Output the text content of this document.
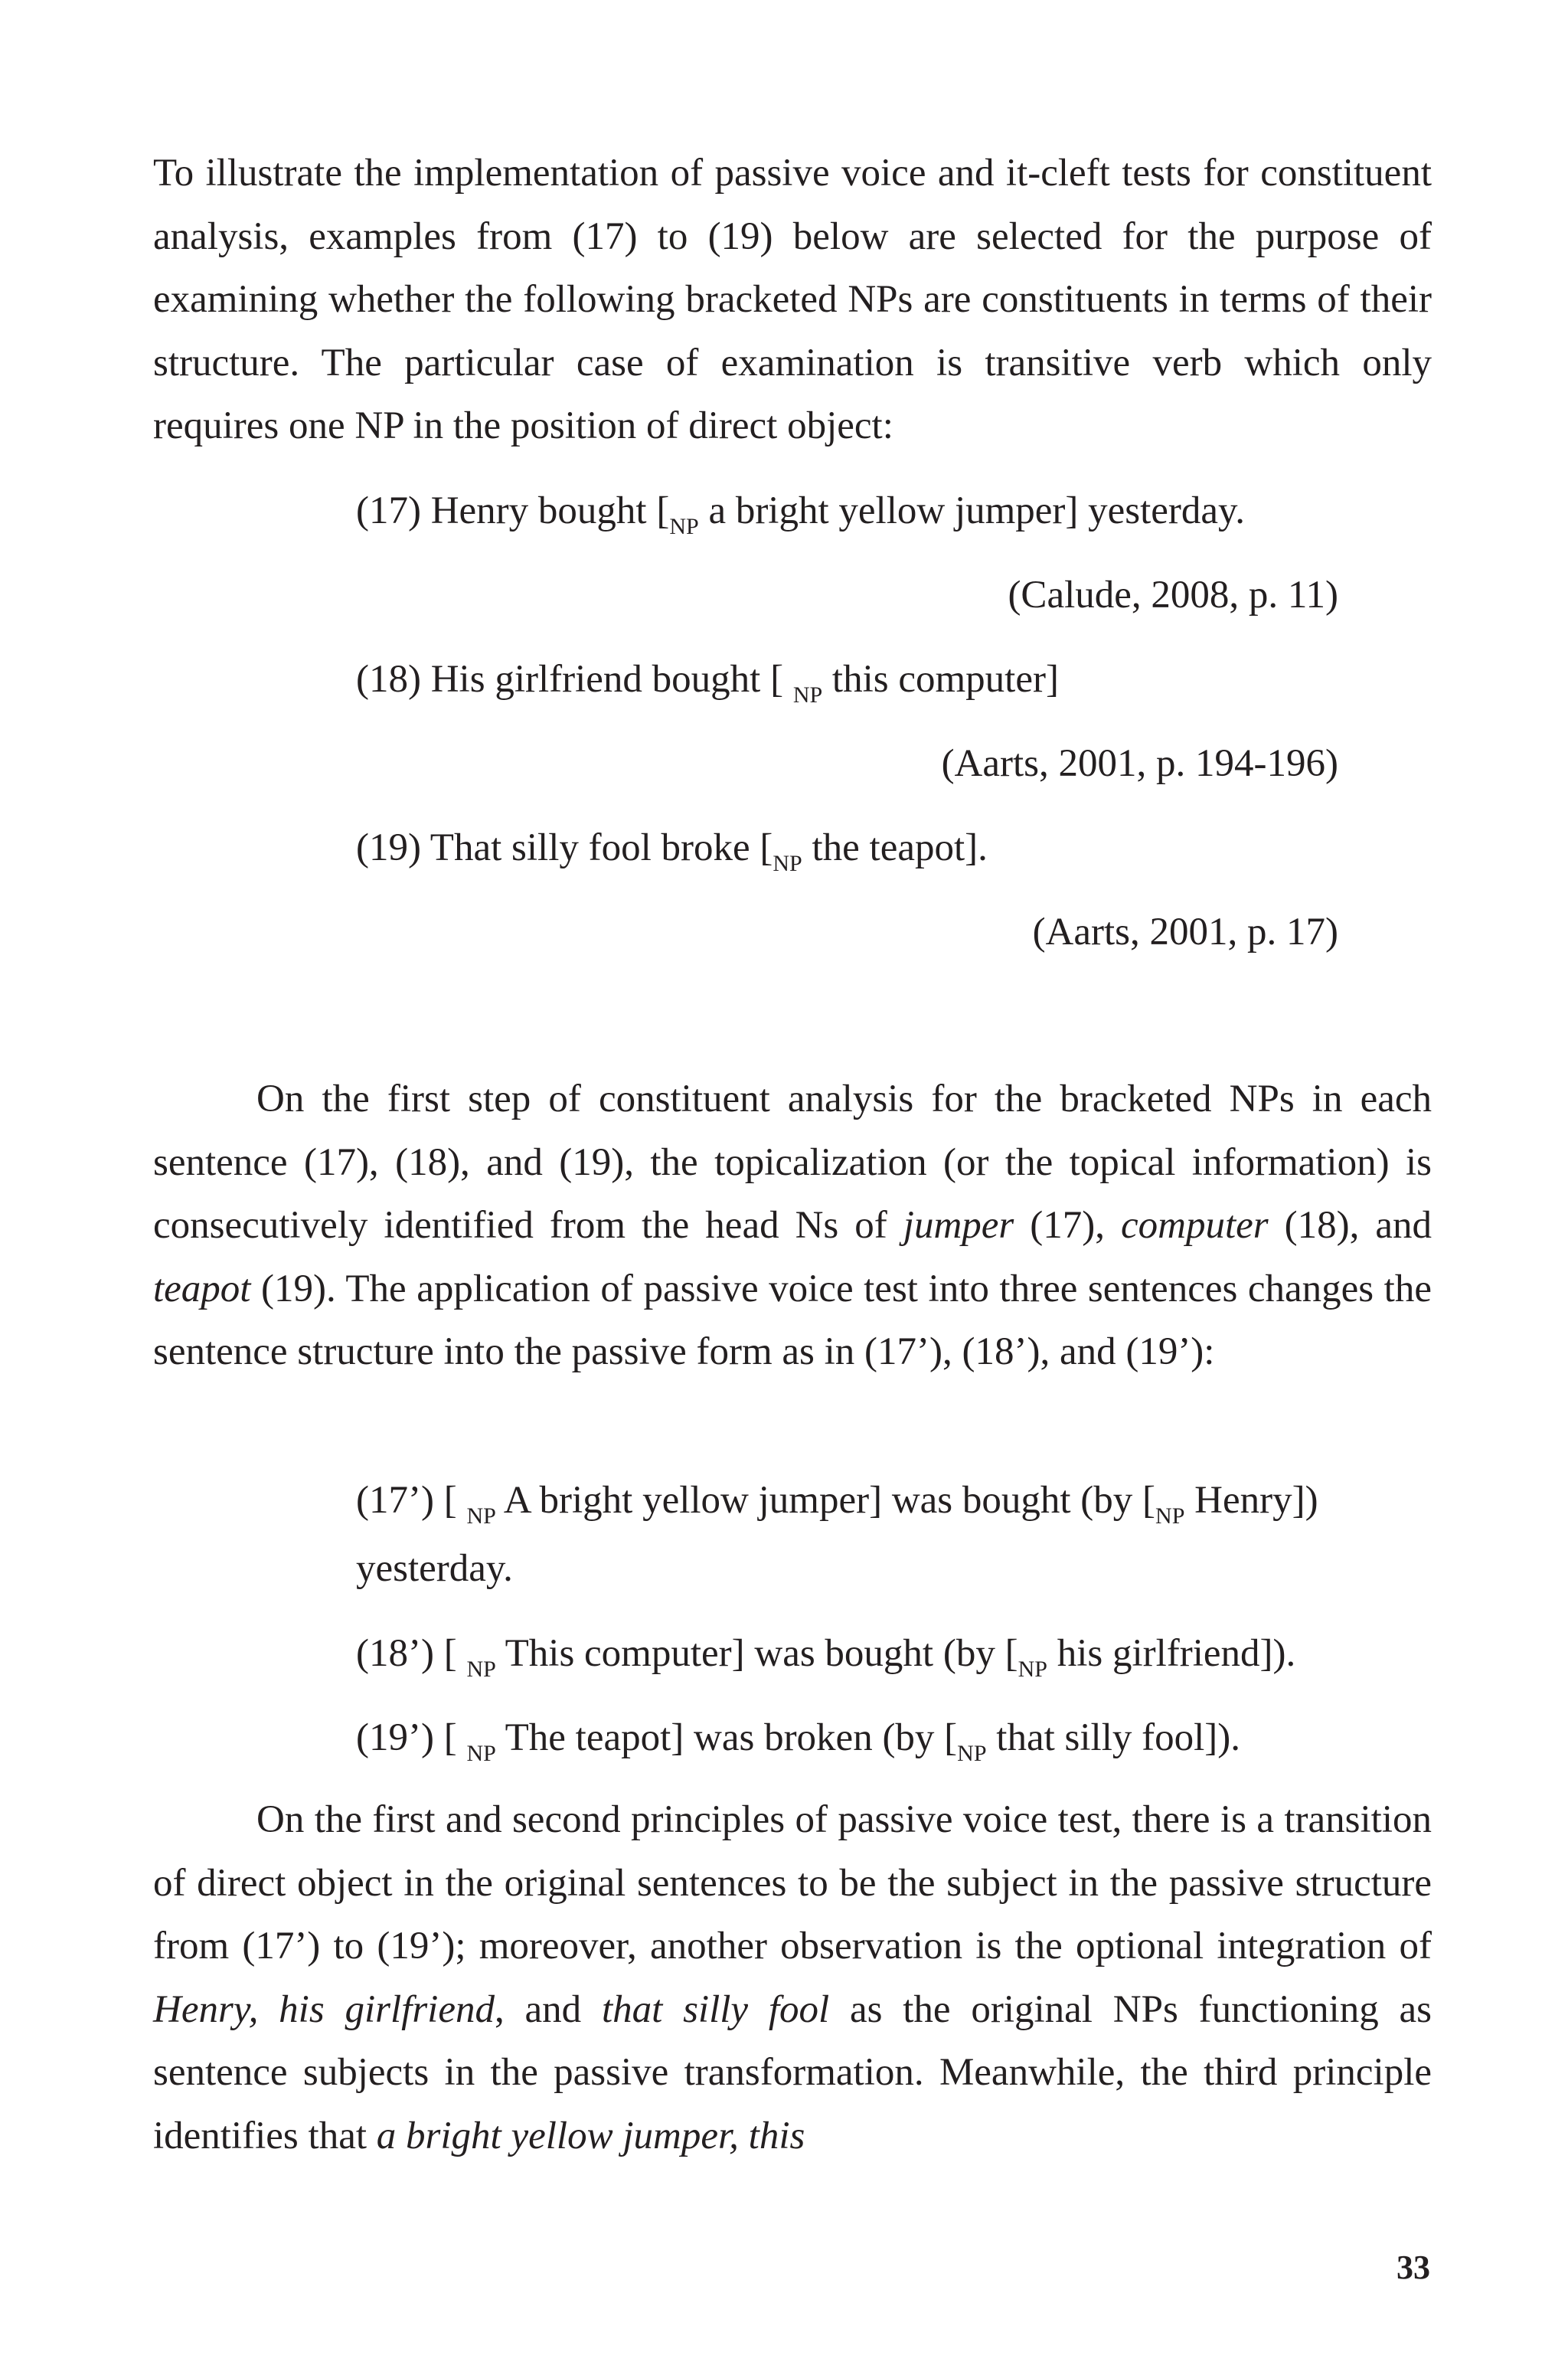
To illustrate the implementation of passive voice and it-cleft tests for constituent analysis, examples from (17) to (19) below are selected for the purpose of examining whether the following bracketed NPs are constituents in terms of their structure. The particular case of examination is transitive verb which only requires one NP in the position of direct object:

(17) Henry bought [$_{NP}$ a bright yellow jumper] yesterday.

(Calude, 2008, p. 11)

(18) His girlfriend bought [ $_{NP}$ this computer]

(Aarts, 2001, p. 194-196)

(19) That silly fool broke [$_{NP}$ the teapot].

(Aarts, 2001, p. 17)

On the first step of constituent analysis for the bracketed NPs in each sentence (17), (18), and (19), the topicalization (or the topical information) is consecutively identified from the head Ns of jumper (17), computer (18), and teapot (19). The application of passive voice test into three sentences changes the sentence structure into the passive form as in (17’), (18’), and (19’):

(17’) [ $_{NP}$ A bright yellow jumper] was bought (by [$_{NP}$ Henry]) yesterday.

(18’) [ $_{NP}$ This computer] was bought (by [$_{NP}$ his girlfriend]).

(19’) [ $_{NP}$ The teapot] was broken (by [$_{NP}$ that silly fool]).

On the first and second principles of passive voice test, there is a transition of direct object in the original sentences to be the subject in the passive structure from (17’) to (19’); moreover, another observation is the optional integration of Henry, his girlfriend, and that silly fool as the original NPs functioning as sentence subjects in the passive transformation. Meanwhile, the third principle identifies that a bright yellow jumper, this

33
